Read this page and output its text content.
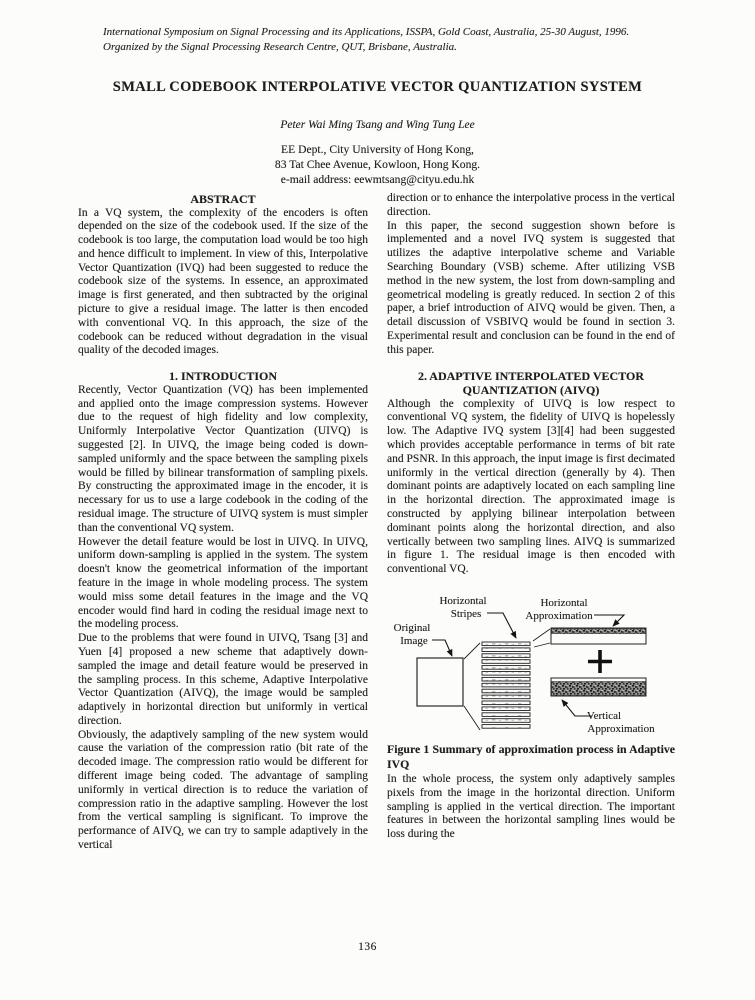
International Symposium on Signal Processing and its Applications, ISSPA, Gold Coast, Australia, 25-30 August, 1996.
Organized by the Signal Processing Research Centre, QUT, Brisbane, Australia.
SMALL CODEBOOK INTERPOLATIVE VECTOR QUANTIZATION SYSTEM
Peter Wai Ming Tsang and Wing Tung Lee
EE Dept., City University of Hong Kong,
83 Tat Chee Avenue, Kowloon, Hong Kong.
e-mail address: eewmtsang@cityu.edu.hk
ABSTRACT

In a VQ system, the complexity of the encoders is often depended on the size of the codebook used. If the size of the codebook is too large, the computation load would be too high and hence difficult to implement. In view of this, Interpolative Vector Quantization (IVQ) had been suggested to reduce the codebook size of the systems. In essence, an approximated image is first generated, and then subtracted by the original picture to give a residual image. The latter is then encoded with conventional VQ. In this approach, the size of the codebook can be reduced without degradation in the visual quality of the decoded images.

1. INTRODUCTION

Recently, Vector Quantization (VQ) has been implemented and applied onto the image compression systems. However due to the request of high fidelity and low complexity, Uniformly Interpolative Vector Quantization (UIVQ) is suggested [2]. In UIVQ, the image being coded is down-sampled uniformly and the space between the sampling pixels would be filled by bilinear transformation of sampling pixels. By constructing the approximated image in the encoder, it is necessary for us to use a large codebook in the coding of the residual image. The structure of UIVQ system is must simpler than the conventional VQ system.

However the detail feature would be lost in UIVQ. In UIVQ, uniform down-sampling is applied in the system. The system doesn't know the geometrical information of the important feature in the image in whole modeling process. The system would miss some detail features in the image and the VQ encoder would find hard in coding the residual image next to the modeling process.

Due to the problems that were found in UIVQ, Tsang [3] and Yuen [4] proposed a new scheme that adaptively down-sampled the image and detail feature would be preserved in the sampling process. In this scheme, Adaptive Interpolative Vector Quantization (AIVQ), the image would be sampled adaptively in horizontal direction but uniformly in vertical direction.

Obviously, the adaptively sampling of the new system would cause the variation of the compression ratio (bit rate of the decoded image. The compression ratio would be different for different image being coded. The advantage of sampling uniformly in vertical direction is to reduce the variation of compression ratio in the adaptive sampling. However the lost from the vertical sampling is significant. To improve the performance of AIVQ, we can try to sample adaptively in the vertical

direction or to enhance the interpolative process in the vertical direction.

In this paper, the second suggestion shown before is implemented and a novel IVQ system is suggested that utilizes the adaptive interpolative scheme and Variable Searching Boundary (VSB) scheme. After utilizing VSB method in the new system, the lost from down-sampling and geometrical modeling is greatly reduced. In section 2 of this paper, a brief introduction of AIVQ would be given. Then, a detail discussion of VSBIVQ would be found in section 3. Experimental result and conclusion can be found in the end of this paper.

2. ADAPTIVE INTERPOLATED VECTOR QUANTIZATION (AIVQ)

Although the complexity of UIVQ is low respect to conventional VQ system, the fidelity of UIVQ is hopelessly low. The Adaptive IVQ system [3][4] had been suggested which provides acceptable performance in terms of bit rate and PSNR. In this approach, the input image is first decimated uniformly in the vertical direction (generally by 4). Then dominant points are adaptively located on each sampling line in the horizontal direction. The approximated image is constructed by applying bilinear interpolation between dominant points along the horizontal direction, and also vertically between two sampling lines. AIVQ is summarized in figure 1. The residual image is then encoded with conventional VQ.

Horizontal
Stripes
Horizontal
Approximation
Original
Image
Vertical
Approximation

Figure 1 Summary of approximation process in Adaptive IVQ

In the whole process, the system only adaptively samples pixels from the image in the horizontal direction. Uniform sampling is applied in the vertical direction. The important features in between the horizontal sampling lines would be loss during the

136
